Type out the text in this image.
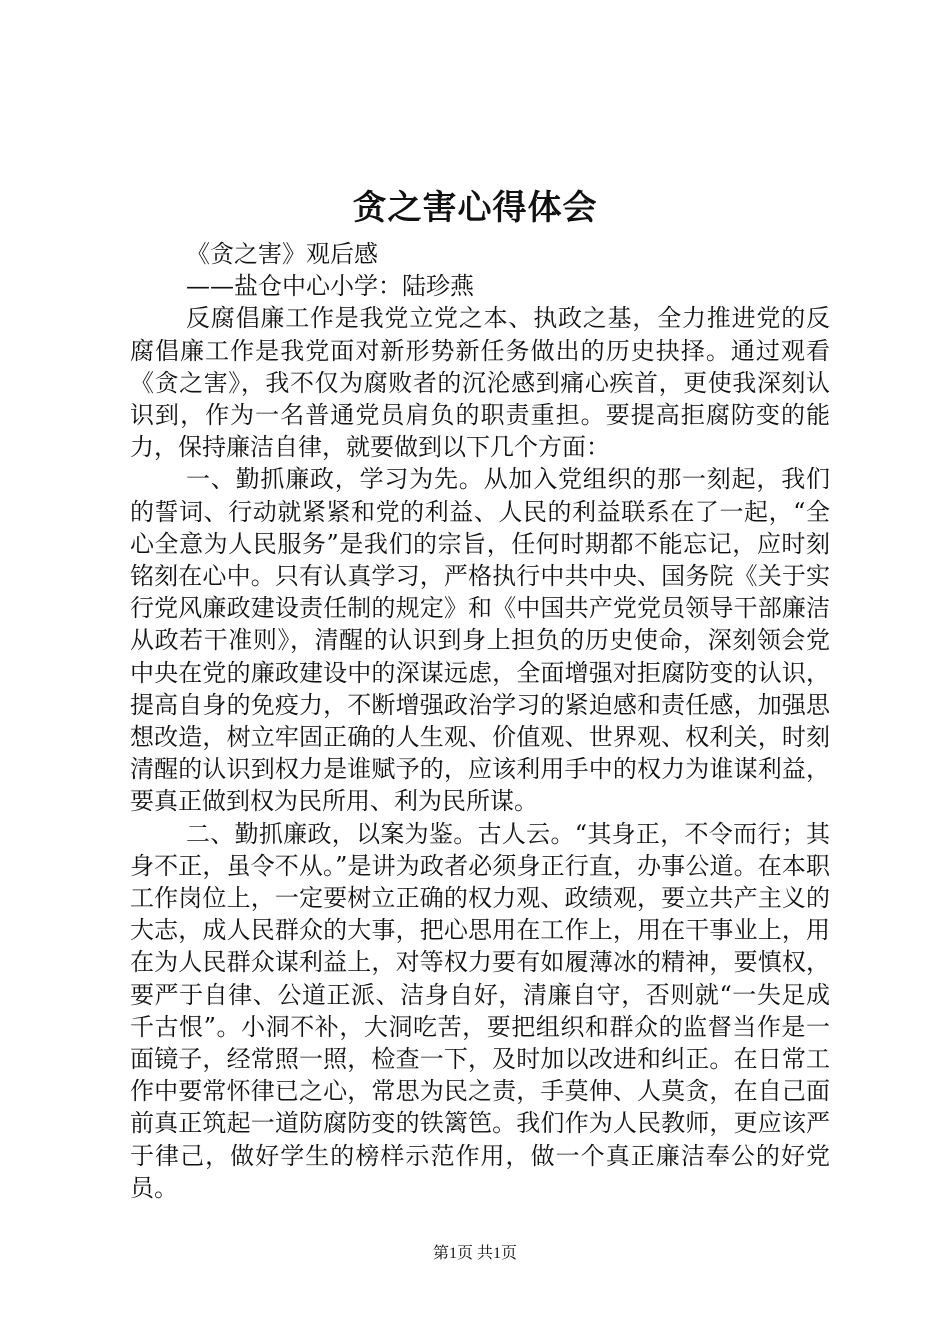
贪之害心得体会

《贪之害》观后感

——盐仓中心小学：陆珍燕

反腐倡廉工作是我党立党之本、执政之基，全力推进党的反腐倡廉工作是我党面对新形势新任务做出的历史抉择。通过观看《贪之害》，我不仅为腐败者的沉沦感到痛心疾首，更使我深刻认识到，作为一名普通党员肩负的职责重担。要提高拒腐防变的能力，保持廉洁自律，就要做到以下几个方面：

一、勤抓廉政，学习为先。从加入党组织的那一刻起，我们的誓词、行动就紧紧和党的利益、人民的利益联系在了一起，“全心全意为人民服务”是我们的宗旨，任何时期都不能忘记，应时刻铭刻在心中。只有认真学习，严格执行中共中央、国务院《关于实行党风廉政建设责任制的规定》和《中国共产党党员领导干部廉洁从政若干准则》，清醒的认识到身上担负的历史使命，深刻领会党中央在党的廉政建设中的深谋远虑，全面增强对拒腐防变的认识，提高自身的免疫力，不断增强政治学习的紧迫感和责任感，加强思想改造，树立牢固正确的人生观、价值观、世界观、权利关，时刻清醒的认识到权力是谁赋予的，应该利用手中的权力为谁谋利益，要真正做到权为民所用、利为民所谋。

二、勤抓廉政，以案为鉴。古人云。“其身正，不令而行；其身不正，虽令不从。”是讲为政者必须身正行直，办事公道。在本职工作岗位上，一定要树立正确的权力观、政绩观，要立共产主义的大志，成人民群众的大事，把心思用在工作上，用在干事业上，用在为人民群众谋利益上，对等权力要有如履薄冰的精神，要慎权，要严于自律、公道正派、洁身自好，清廉自守，否则就“一失足成千古恨”。小洞不补，大洞吃苦，要把组织和群众的监督当作是一面镜子，经常照一照，检查一下，及时加以改进和纠正。在日常工作中要常怀律已之心，常思为民之责，手莫伸、人莫贪，在自己面前真正筑起一道防腐防变的铁篱笆。我们作为人民教师，更应该严于律己，做好学生的榜样示范作用，做一个真正廉洁奉公的好党员。

第1页 共1页
